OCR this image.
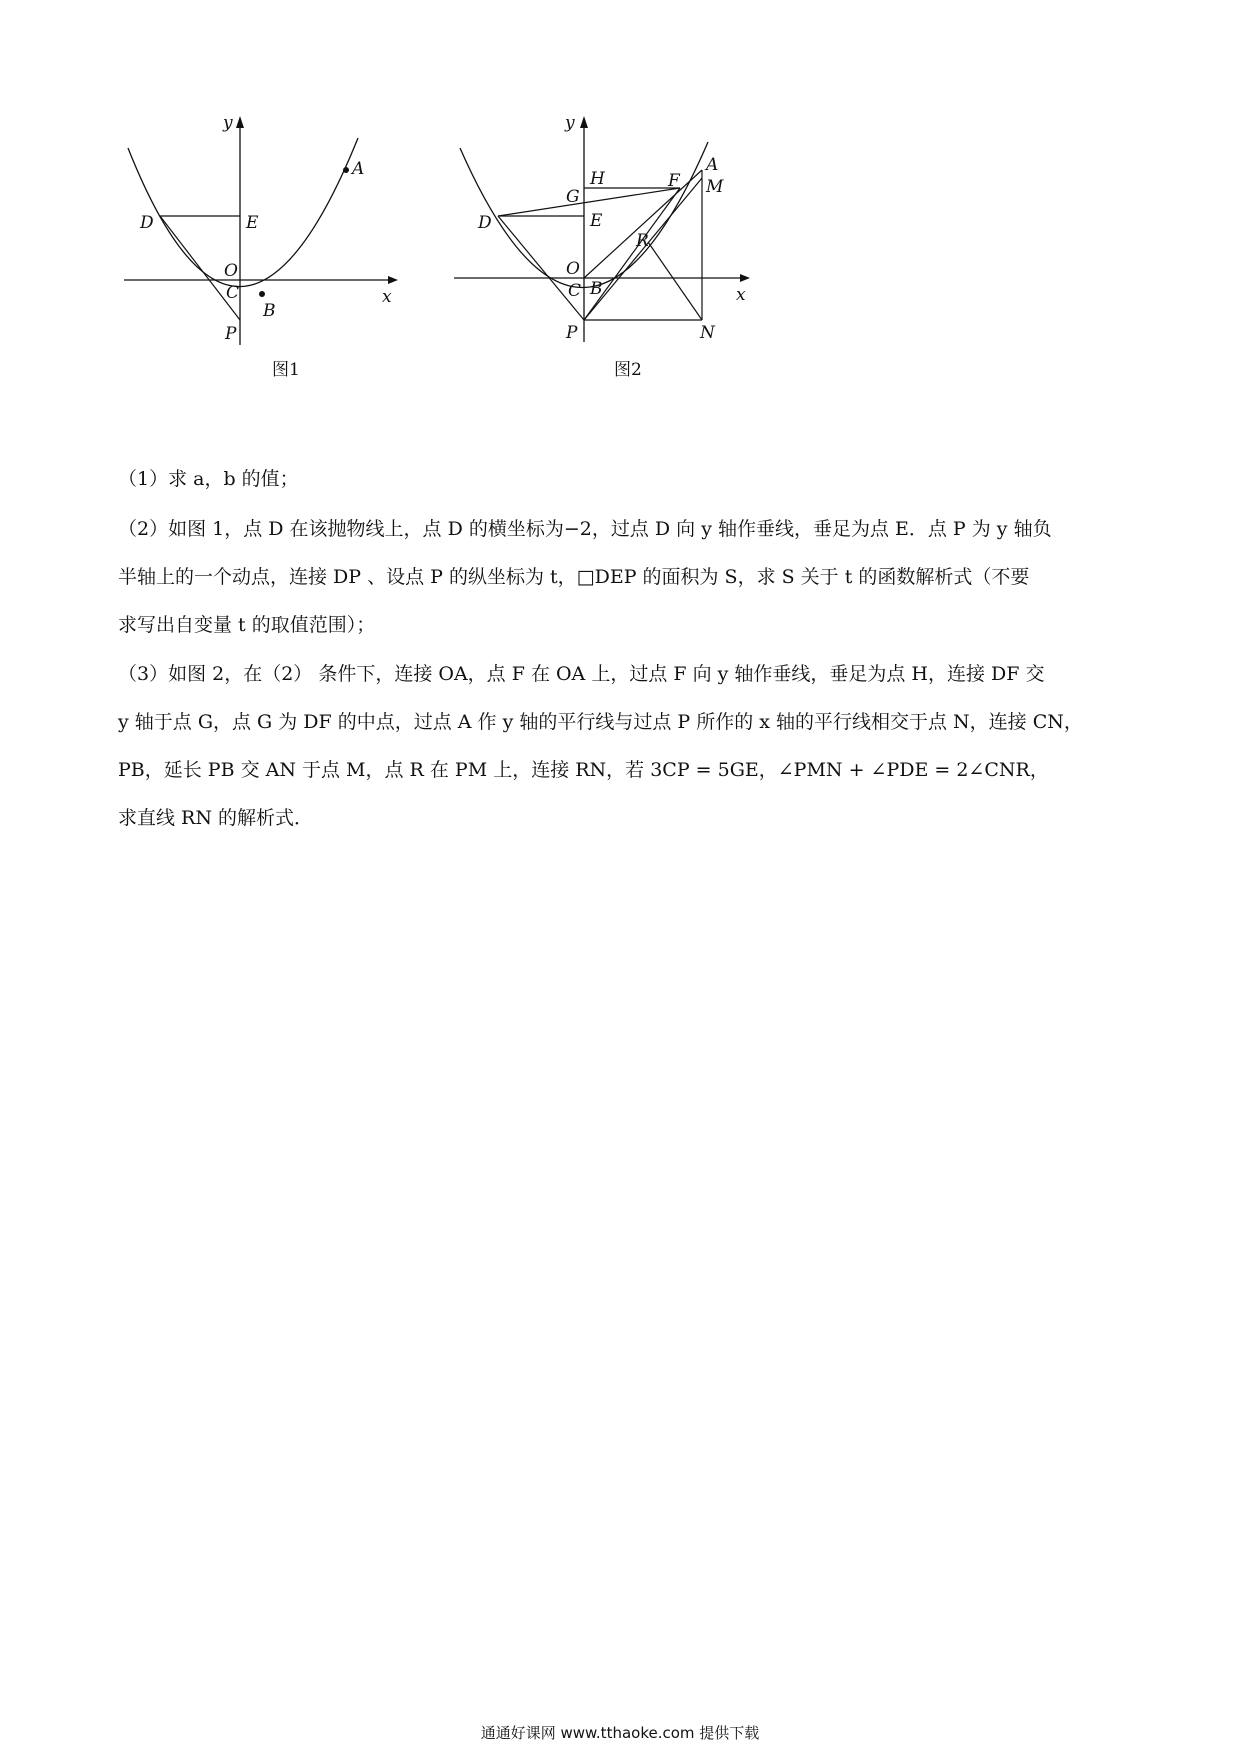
y
x
A
D	E
O
C
B
P
图1
y
x
A
M
H	F
G
D	E
R
O
C B
P	N
图2

（1）求 a，b 的值；

（2）如图 1，点 D 在该抛物线上，点 D 的横坐标为−2，过点 D 向 y 轴作垂线，垂足为点 E．点 P 为 y 轴负

半轴上的一个动点，连接 DP 、设点 P 的纵坐标为 t，□DEP 的面积为 S，求 S 关于 t 的函数解析式（不要

求写出自变量 t 的取值范围）；

（3）如图 2，在（2） 条件下，连接 OA，点 F 在 OA 上，过点 F 向 y 轴作垂线，垂足为点 H，连接 DF 交

y 轴于点 G，点 G 为 DF 的中点，过点 A 作 y 轴的平行线与过点 P 所作的 x 轴的平行线相交于点 N，连接 CN，

PB，延长 PB 交 AN 于点 M，点 R 在 PM 上，连接 RN，若 3CP = 5GE，∠PMN + ∠PDE = 2∠CNR，

求直线 RN 的解析式．

通通好课网 www.tthaoke.com 提供下载
